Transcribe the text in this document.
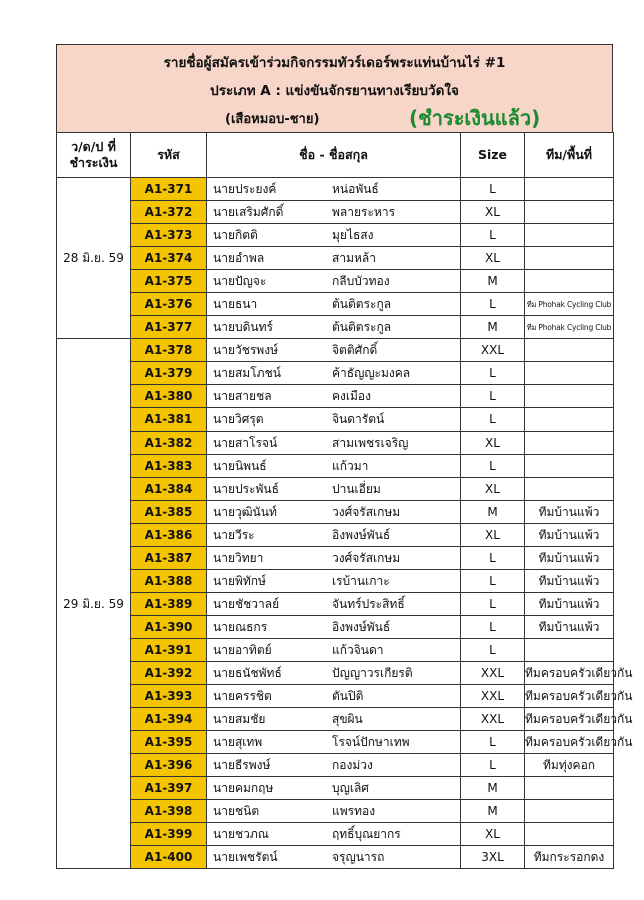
รายชื่อผู้สมัครเข้าร่วมกิจกรรมทัวร์เดอร์พระแท่นบ้านไร่ #1
ประเภท A : แข่งขันจักรยานทางเรียบวัดใจ
(เสือหมอบ-ชาย)	(ชำระเงินแล้ว)
ว/ด/ป ที่ชำระเงิน	รหัส	ชื่อ - ชื่อสกุล	Size	ทีม/พื้นที่
28 มิ.ย. 59	A1-371	นายประยงค์ หน่อพันธ์	L	
	A1-372	นายเสริมศักดิ์ พลายระหาร	XL	
	A1-373	นายกิตติ มุยไธสง	L	
	A1-374	นายอำพล สามหล้า	XL	
	A1-375	นายปัญจะ กลีบบัวทอง	M	
	A1-376	นายธนา ต้นติตระกูล	L	ทีม Phohak Cycling Club
	A1-377	นายบดินทร์ ต้นติตระกูล	M	ทีม Phohak Cycling Club
29 มิ.ย. 59	A1-378	นายวัชรพงษ์ จิตติศักดิ์	XXL	
	A1-379	นายสมโภชน์ ค้าธัญญะมงคล	L	
	A1-380	นายสายชล คงเมือง	L	
	A1-381	นายวิศรุต จินดารัตน์	L	
	A1-382	นายสาโรจน์ สามเพชรเจริญ	XL	
	A1-383	นายนิพนธ์ แก้วมา	L	
	A1-384	นายประพันธ์ ปานเอี่ยม	XL	
	A1-385	นายวุฒินันท์ วงศ์จรัสเกษม	M	ทีมบ้านแพ้ว
	A1-386	นายวีระ อิงพงษ์พันธ์	XL	ทีมบ้านแพ้ว
	A1-387	นายวิทยา วงศ์จรัสเกษม	L	ทีมบ้านแพ้ว
	A1-388	นายพิทักษ์ เรบ้านเกาะ	L	ทีมบ้านแพ้ว
	A1-389	นายชัชวาลย์ จันทร์ประสิทธิ์	L	ทีมบ้านแพ้ว
	A1-390	นายณธกร อิงพงษ์พันธ์	L	ทีมบ้านแพ้ว
	A1-391	นายอาทิตย์ แก้วจินดา	L	
	A1-392	นายธนัชพัทธ์ ปัญญาวรเกียรติ	XXL	ทีมครอบครัวเดียวกัน
	A1-393	นายครรชิต ตันปิติ	XXL	ทีมครอบครัวเดียวกัน
	A1-394	นายสมชัย สุขผิน	XXL	ทีมครอบครัวเดียวกัน
	A1-395	นายสุเทพ โรจน์ปักษาเทพ	L	ทีมครอบครัวเดียวกัน
	A1-396	นายธีรพงษ์ กองม่วง	L	ทีมทุ่งคอก
	A1-397	นายคมกฤษ บุญเลิศ	M	
	A1-398	นายชนิต แพรทอง	M	
	A1-399	นายชวภณ ฤทธิ์บุณยากร	XL	
	A1-400	นายเพชรัตน์ จรุญนารถ	3XL	ทีมกระรอกดง
